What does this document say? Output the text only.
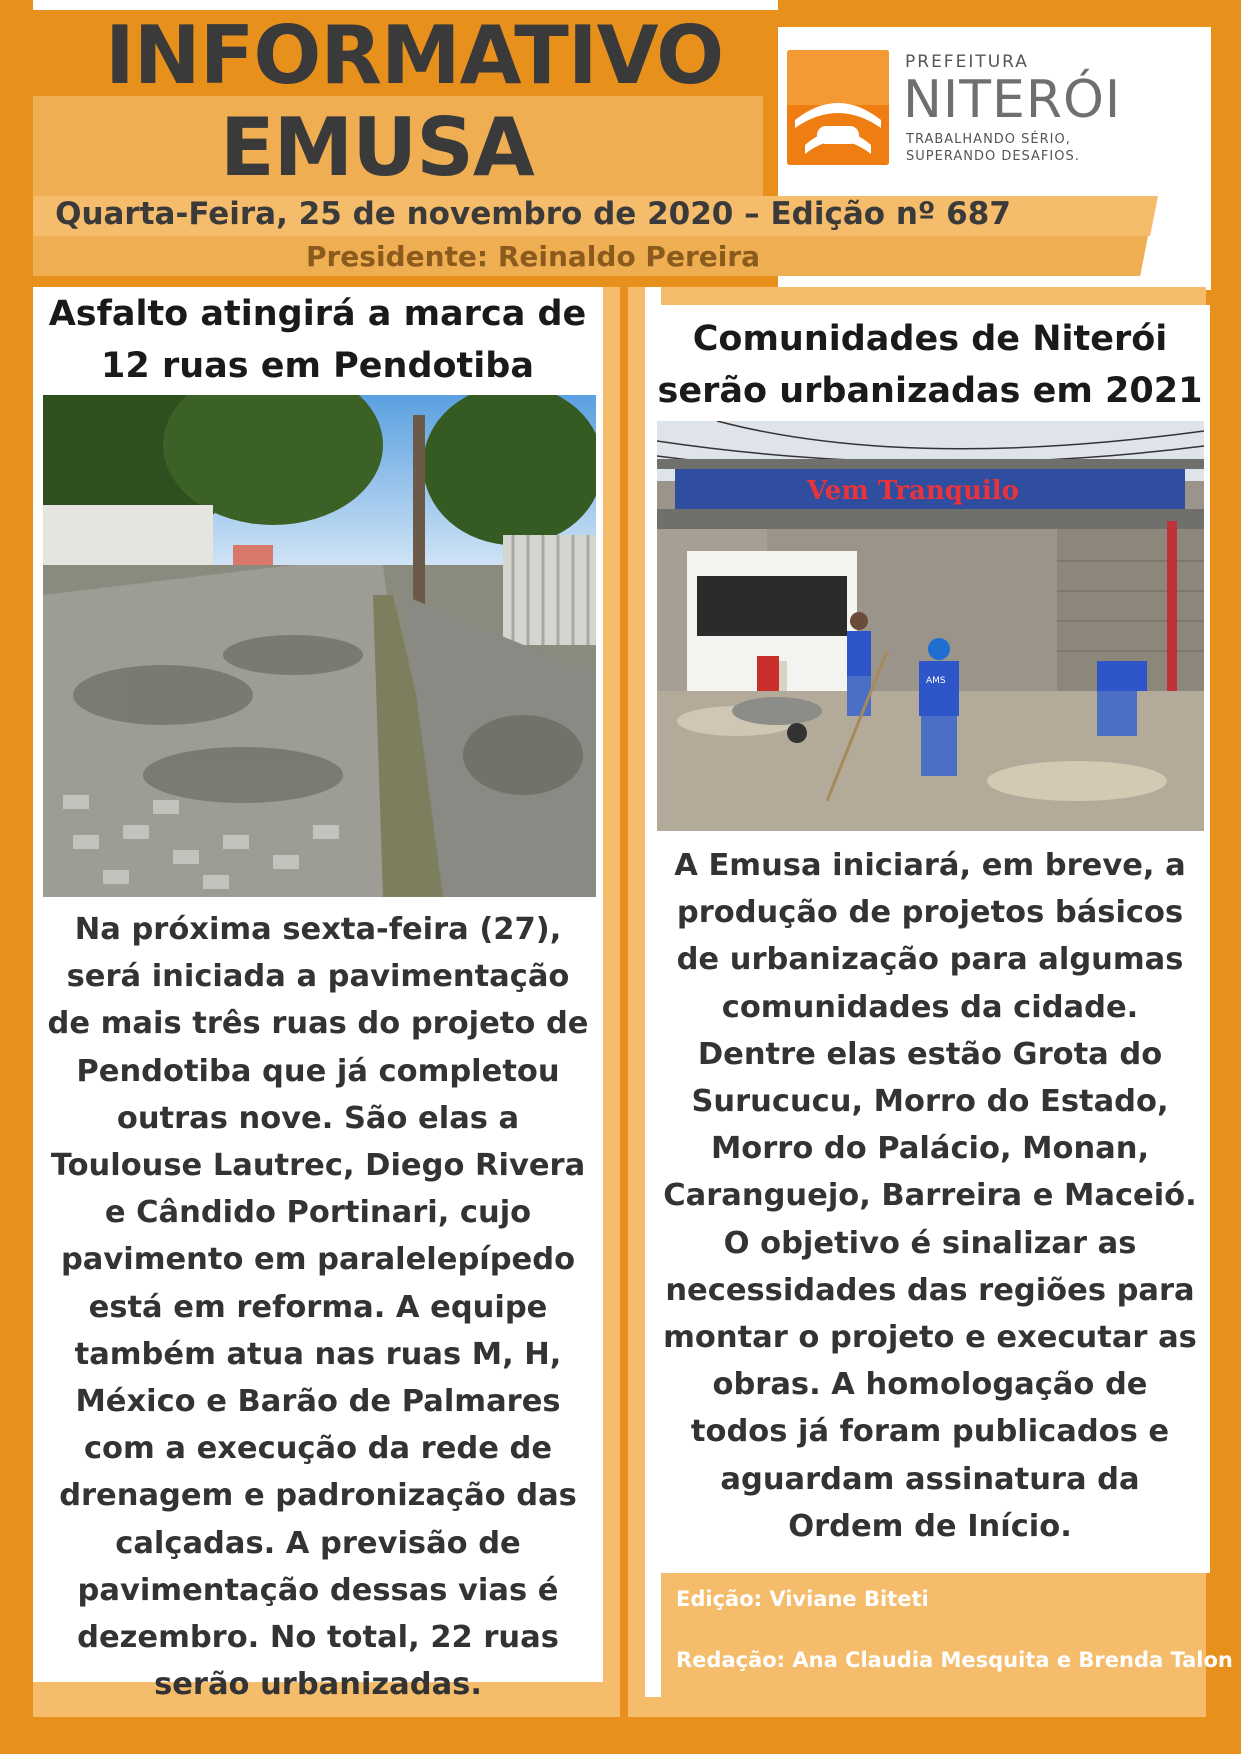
INFORMATIVO
EMUSA
Quarta-Feira, 25 de novembro de 2020 – Edição nº 687
Presidente: Reinaldo Pereira
PREFEITURA
NITERÓI
TRABALHANDO SÉRIO,
SUPERANDO DESAFIOS.
Asfalto atingirá a marca de 12 ruas em Pendotiba
Na próxima sexta-feira (27), será iniciada a pavimentação de mais três ruas do projeto de Pendotiba que já completou outras nove. São elas a Toulouse Lautrec, Diego Rivera e Cândido Portinari, cujo pavimento em paralelepípedo está em reforma. A equipe também atua nas ruas M, H, México e Barão de Palmares com a execução da rede de drenagem e padronização das calçadas. A previsão de pavimentação dessas vias é dezembro. No total, 22 ruas serão urbanizadas.
Comunidades de Niterói serão urbanizadas em 2021
Vem Tranquilo
AMS
A Emusa iniciará, em breve, a produção de projetos básicos de urbanização para algumas comunidades da cidade. Dentre elas estão Grota do Surucucu, Morro do Estado, Morro do Palácio, Monan, Caranguejo, Barreira e Maceió. O objetivo é sinalizar as necessidades das regiões para montar o projeto e executar as obras. A homologação de todos já foram publicados e aguardam assinatura da Ordem de Início.
Edição: Viviane Biteti
Redação: Ana Claudia Mesquita e Brenda Talon
